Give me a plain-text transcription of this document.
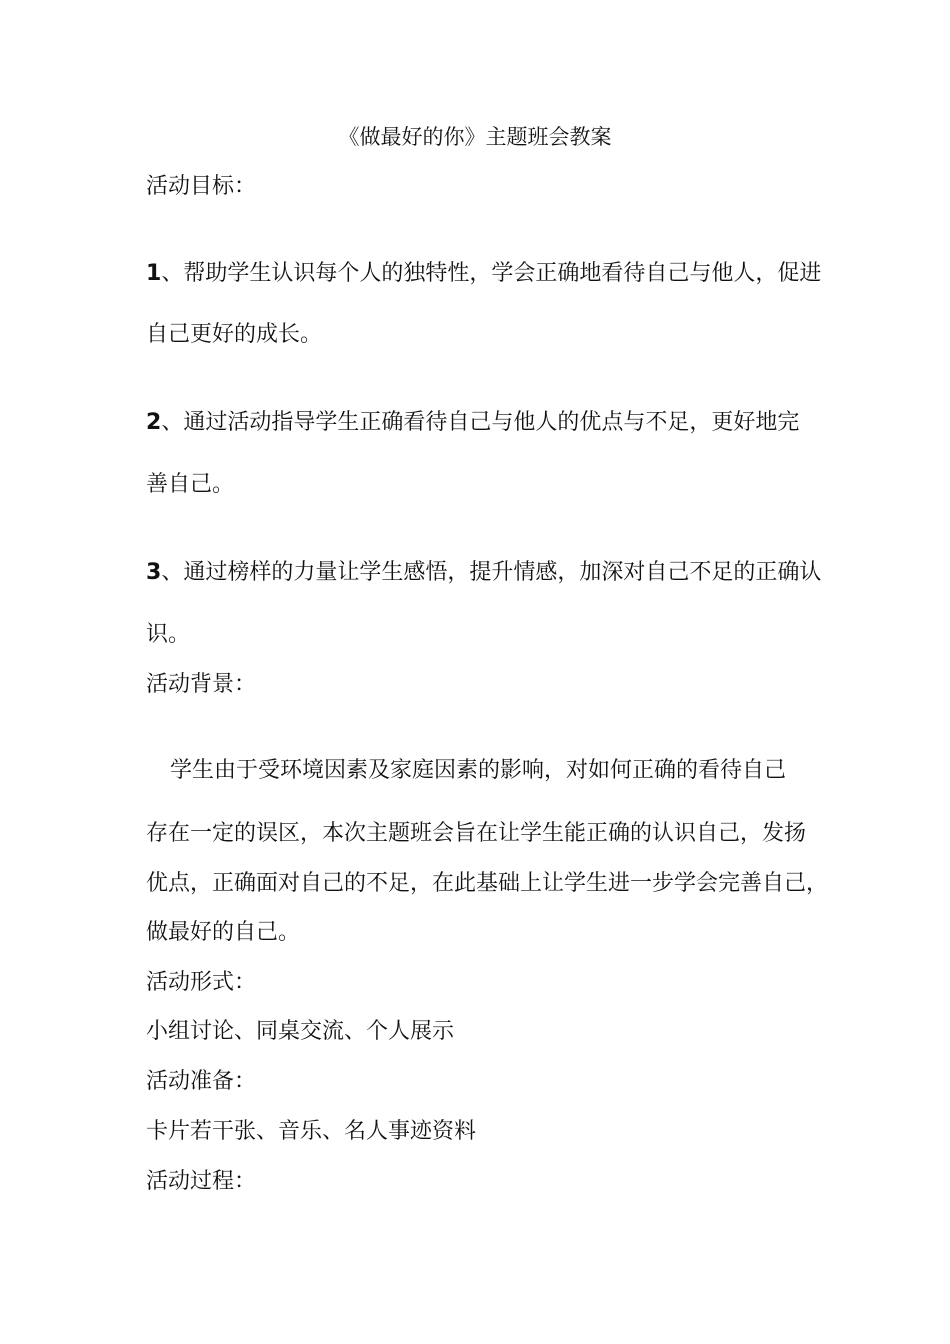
《做最好的你》主题班会教案
活动目标：
1、帮助学生认识每个人的独特性，学会正确地看待自己与他人，促进
自己更好的成长。
2、通过活动指导学生正确看待自己与他人的优点与不足，更好地完
善自己。
3、通过榜样的力量让学生感悟，提升情感，加深对自己不足的正确认
识。
活动背景：
学生由于受环境因素及家庭因素的影响，对如何正确的看待自己
存在一定的误区，本次主题班会旨在让学生能正确的认识自己，发扬
优点，正确面对自己的不足，在此基础上让学生进一步学会完善自己，
做最好的自己。
活动形式：
小组讨论、同桌交流、个人展示
活动准备：
卡片若干张、音乐、名人事迹资料
活动过程：
